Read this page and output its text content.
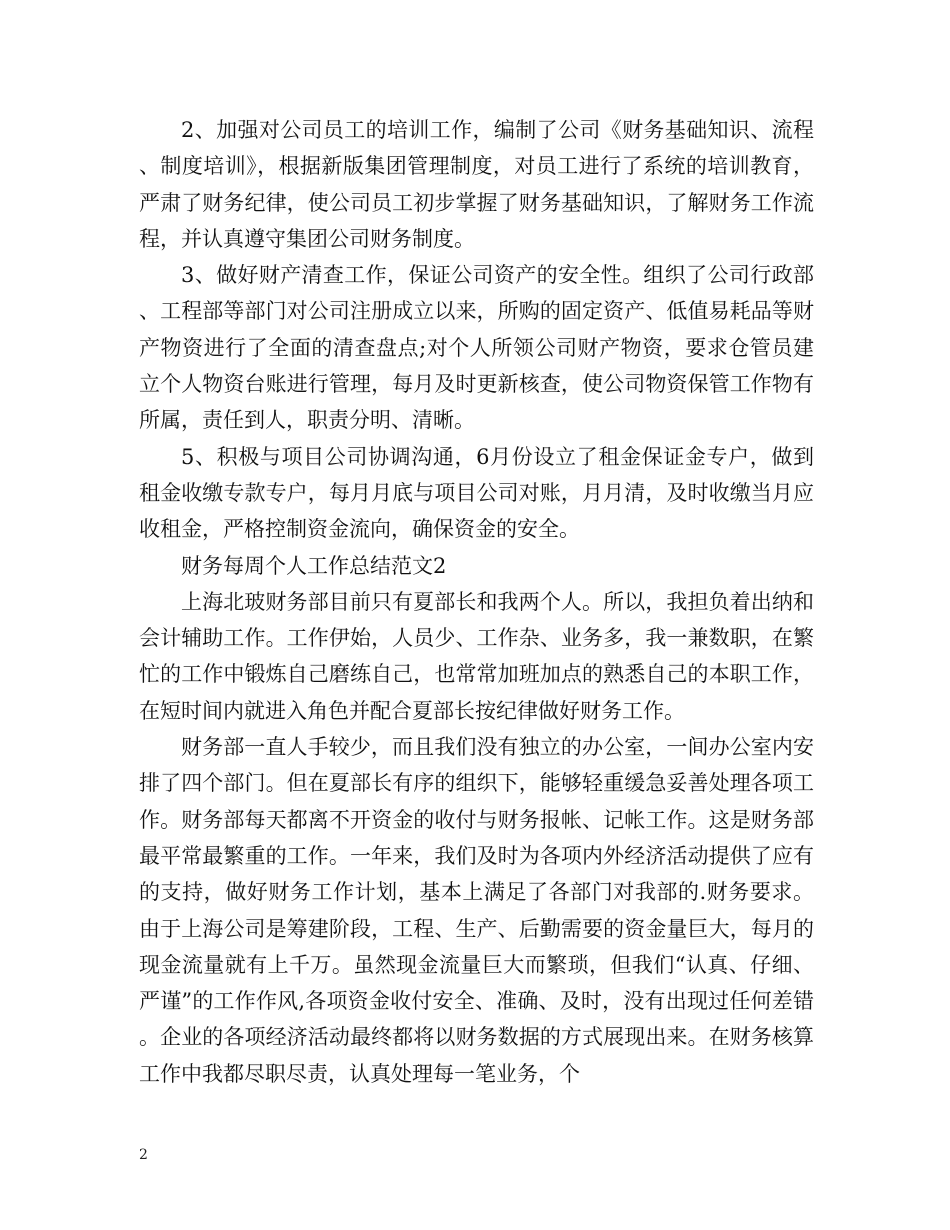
2、加强对公司员工的培训工作，编制了公司《财务基础知识、流程、制度培训》，根据新版集团管理制度，对员工进行了系统的培训教育，严肃了财务纪律，使公司员工初步掌握了财务基础知识，了解财务工作流程，并认真遵守集团公司财务制度。

3、做好财产清查工作，保证公司资产的安全性。组织了公司行政部、工程部等部门对公司注册成立以来，所购的固定资产、低值易耗品等财产物资进行了全面的清查盘点;对个人所领公司财产物资，要求仓管员建立个人物资台账进行管理，每月及时更新核查，使公司物资保管工作物有所属，责任到人，职责分明、清晰。

5、积极与项目公司协调沟通，6月份设立了租金保证金专户，做到租金收缴专款专户，每月月底与项目公司对账，月月清，及时收缴当月应收租金，严格控制资金流向，确保资金的安全。

财务每周个人工作总结范文2

上海北玻财务部目前只有夏部长和我两个人。所以，我担负着出纳和会计辅助工作。工作伊始，人员少、工作杂、业务多，我一兼数职，在繁忙的工作中锻炼自己磨练自己，也常常加班加点的熟悉自己的本职工作，在短时间内就进入角色并配合夏部长按纪律做好财务工作。

财务部一直人手较少，而且我们没有独立的办公室，一间办公室内安排了四个部门。但在夏部长有序的组织下，能够轻重缓急妥善处理各项工作。财务部每天都离不开资金的收付与财务报帐、记帐工作。这是财务部最平常最繁重的工作。一年来，我们及时为各项内外经济活动提供了应有的支持，做好财务工作计划，基本上满足了各部门对我部的.财务要求。由于上海公司是筹建阶段，工程、生产、后勤需要的资金量巨大，每月的现金流量就有上千万。虽然现金流量巨大而繁琐，但我们“认真、仔细、严谨”的工作作风,各项资金收付安全、准确、及时，没有出现过任何差错。企业的各项经济活动最终都将以财务数据的方式展现出来。在财务核算工作中我都尽职尽责，认真处理每一笔业务，个

2
